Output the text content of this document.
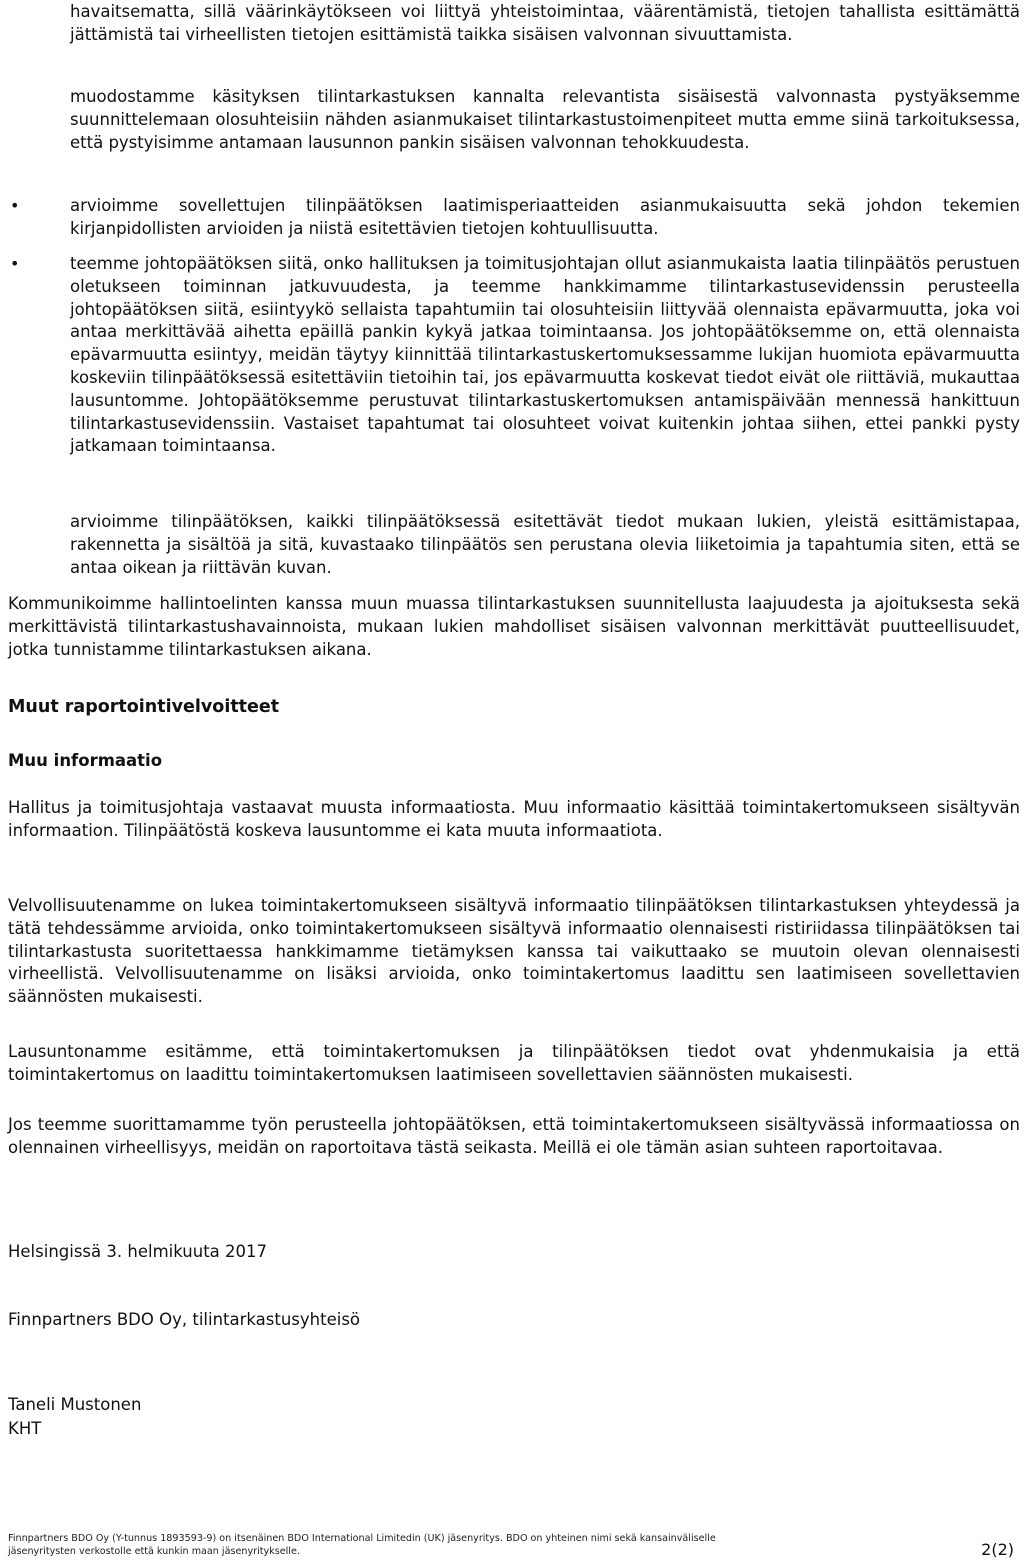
havaitsematta, sillä väärinkäytökseen voi liittyä yhteistoimintaa, väärentämistä, tietojen tahallista esittämättä jättämistä tai virheellisten tietojen esittämistä taikka sisäisen valvonnan sivuuttamista.

muodostamme käsityksen tilintarkastuksen kannalta relevantista sisäisestä valvonnasta pystyäksemme suunnittelemaan olosuhteisiin nähden asianmukaiset tilintarkastustoimenpiteet mutta emme siinä tarkoituksessa, että pystyisimme antamaan lausunnon pankin sisäisen valvonnan tehokkuudesta.

•	arvioimme sovellettujen tilinpäätöksen laatimisperiaatteiden asianmukaisuutta sekä johdon tekemien kirjanpidollisten arvioiden ja niistä esitettävien tietojen kohtuullisuutta.

•	teemme johtopäätöksen siitä, onko hallituksen ja toimitusjohtajan ollut asianmukaista laatia tilinpäätös perustuen oletukseen toiminnan jatkuvuudesta, ja teemme hankkimamme tilintarkastusevidenssin perusteella johtopäätöksen siitä, esiintyykö sellaista tapahtumiin tai olosuhteisiin liittyvää olennaista epävarmuutta, joka voi antaa merkittävää aihetta epäillä pankin kykyä jatkaa toimintaansa. Jos johtopäätöksemme on, että olennaista epävarmuutta esiintyy, meidän täytyy kiinnittää tilintarkastuskertomuksessamme lukijan huomiota epävarmuutta koskeviin tilinpäätöksessä esitettäviin tietoihin tai, jos epävarmuutta koskevat tiedot eivät ole riittäviä, mukauttaa lausuntomme. Johtopäätöksemme perustuvat tilintarkastuskertomuksen antamispäivään mennessä hankittuun tilintarkastusevidenssiin. Vastaiset tapahtumat tai olosuhteet voivat kuitenkin johtaa siihen, ettei pankki pysty jatkamaan toimintaansa.

arvioimme tilinpäätöksen, kaikki tilinpäätöksessä esitettävät tiedot mukaan lukien, yleistä esittämistapaa, rakennetta ja sisältöä ja sitä, kuvastaako tilinpäätös sen perustana olevia liiketoimia ja tapahtumia siten, että se antaa oikean ja riittävän kuvan.

Kommunikoimme hallintoelinten kanssa muun muassa tilintarkastuksen suunnitellusta laajuudesta ja ajoituksesta sekä merkittävistä tilintarkastushavainnoista, mukaan lukien mahdolliset sisäisen valvonnan merkittävät puutteellisuudet, jotka tunnistamme tilintarkastuksen aikana.

Muut raportointivelvoitteet
Muu informaatio

Hallitus ja toimitusjohtaja vastaavat muusta informaatiosta. Muu informaatio käsittää toimintakertomukseen sisältyvän informaation. Tilinpäätöstä koskeva lausuntomme ei kata muuta informaatiota.

Velvollisuutenamme on lukea toimintakertomukseen sisältyvä informaatio tilinpäätöksen tilintarkastuksen yhteydessä ja tätä tehdessämme arvioida, onko toimintakertomukseen sisältyvä informaatio olennaisesti ristiriidassa tilinpäätöksen tai tilintarkastusta suoritettaessa hankkimamme tietämyksen kanssa tai vaikuttaako se muutoin olevan olennaisesti virheellistä. Velvollisuutenamme on lisäksi arvioida, onko toimintakertomus laadittu sen laatimiseen sovellettavien säännösten mukaisesti.

Lausuntonamme esitämme, että toimintakertomuksen ja tilinpäätöksen tiedot ovat yhdenmukaisia ja että toimintakertomus on laadittu toimintakertomuksen laatimiseen sovellettavien säännösten mukaisesti.

Jos teemme suorittamamme työn perusteella johtopäätöksen, että toimintakertomukseen sisältyvässä informaatiossa on olennainen virheellisyys, meidän on raportoitava tästä seikasta. Meillä ei ole tämän asian suhteen raportoitavaa.

Helsingissä 3. helmikuuta 2017
Finnpartners BDO Oy, tilintarkastusyhteisö
Taneli Mustonen
KHT
Finnpartners BDO Oy (Y-tunnus 1893593-9) on itsenäinen BDO International Limitedin (UK) jäsenyritys. BDO on yhteinen nimi sekä kansainväliselle
jäsenyritysten verkostolle että kunkin maan jäsenyritykselle.	2(2)
